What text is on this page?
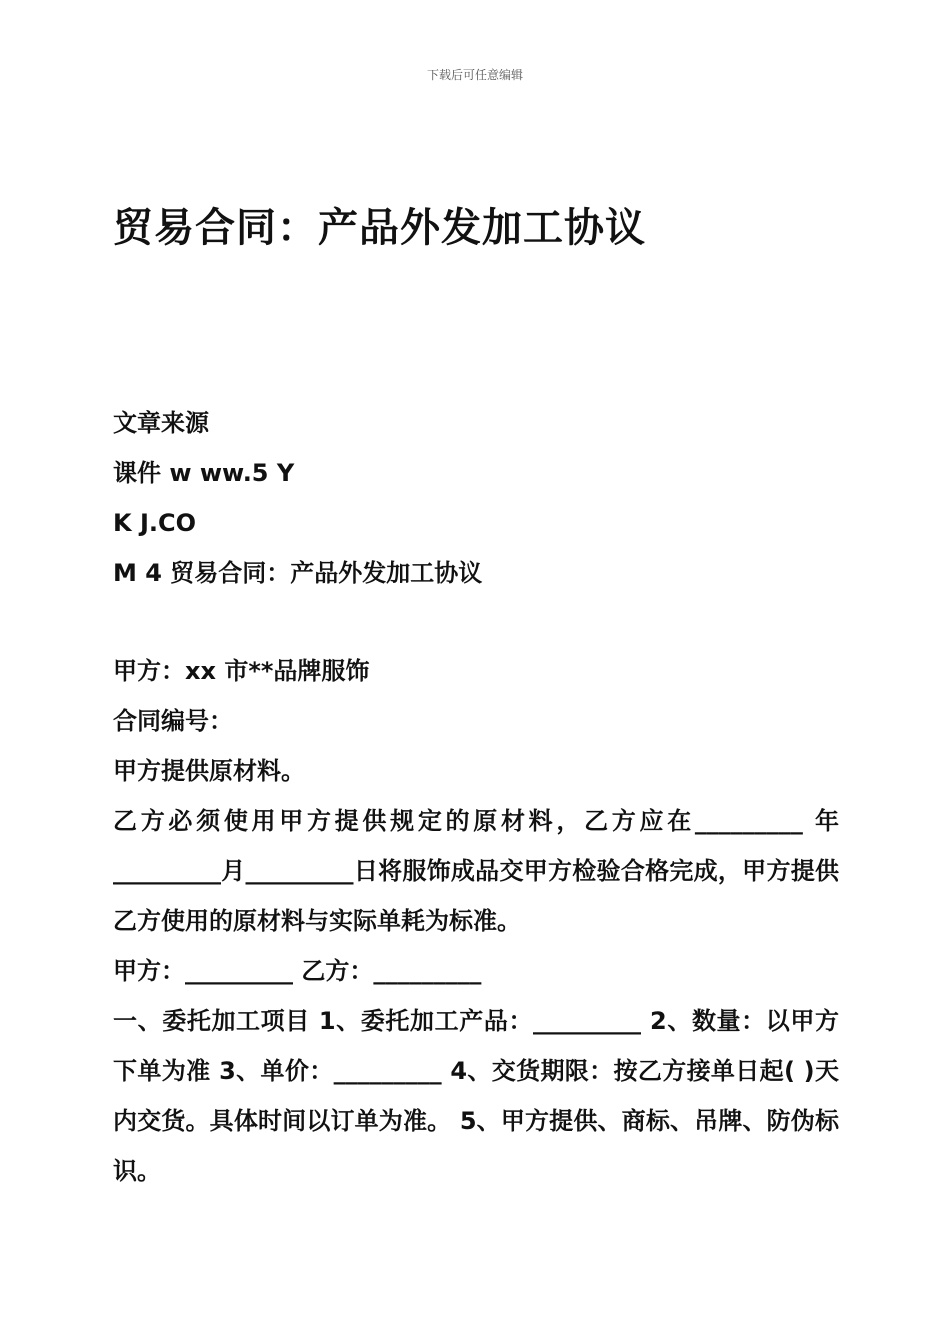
下载后可任意编辑
贸易合同：产品外发加工协议
文章来源
课件 w ww.5 Y
K J.CO
M 4 贸易合同：产品外发加工协议
甲方：xx 市**品牌服饰
合同编号：
甲方提供原材料。
乙方必须使用甲方提供规定的原材料，乙方应在_________ 年_________月_________日将服饰成品交甲方检验合格完成，甲方提供乙方使用的原材料与实际单耗为标准。
甲方：_________ 乙方：_________
一、委托加工项目 1、委托加工产品：_________ 2、数量：以甲方下单为准 3、单价：_________ 4、交货期限：按乙方接单日起( )天内交货。具体时间以订单为准。 5、甲方提供、商标、吊牌、防伪标识。
